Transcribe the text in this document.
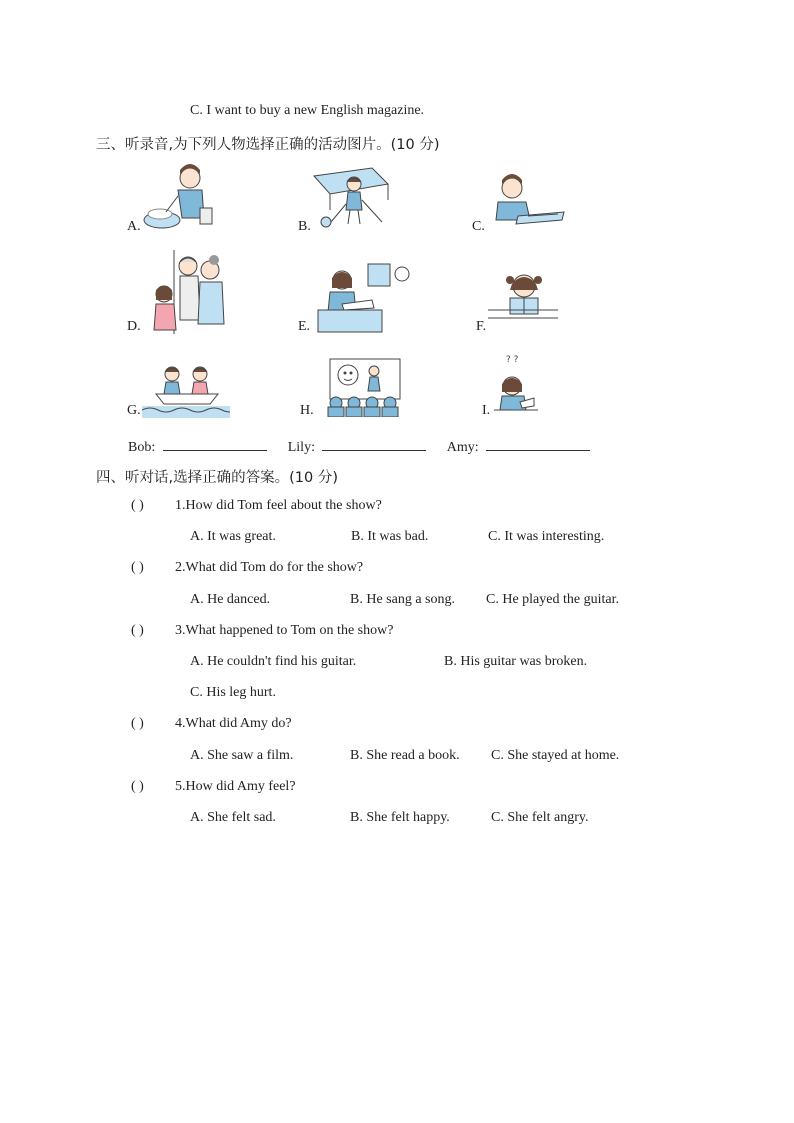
C. I want to buy a new English magazine.
三、听录音,为下列人物选择正确的活动图片。(10 分)
A.	B.	C.
D.	E.	F.
G.	H.	I.
? ?
Bob:	Lily:	Amy:
四、听对话,选择正确的答案。(10 分)
( ) 1.How did Tom feel about the show?
A. It was great.	B. It was bad.	C. It was interesting.
( ) 2.What did Tom do for the show?
A. He danced.	B. He sang a song. C. He played the guitar.
( ) 3.What happened to Tom on the show?
A. He couldn't find his guitar.	B. His guitar was broken.
C. His leg hurt.
( ) 4.What did Amy do?
A. She saw a film.	B. She read a book. C. She stayed at home.
( ) 5.How did Amy feel?
A. She felt sad.	B. She felt happy.	C. She felt angry.
